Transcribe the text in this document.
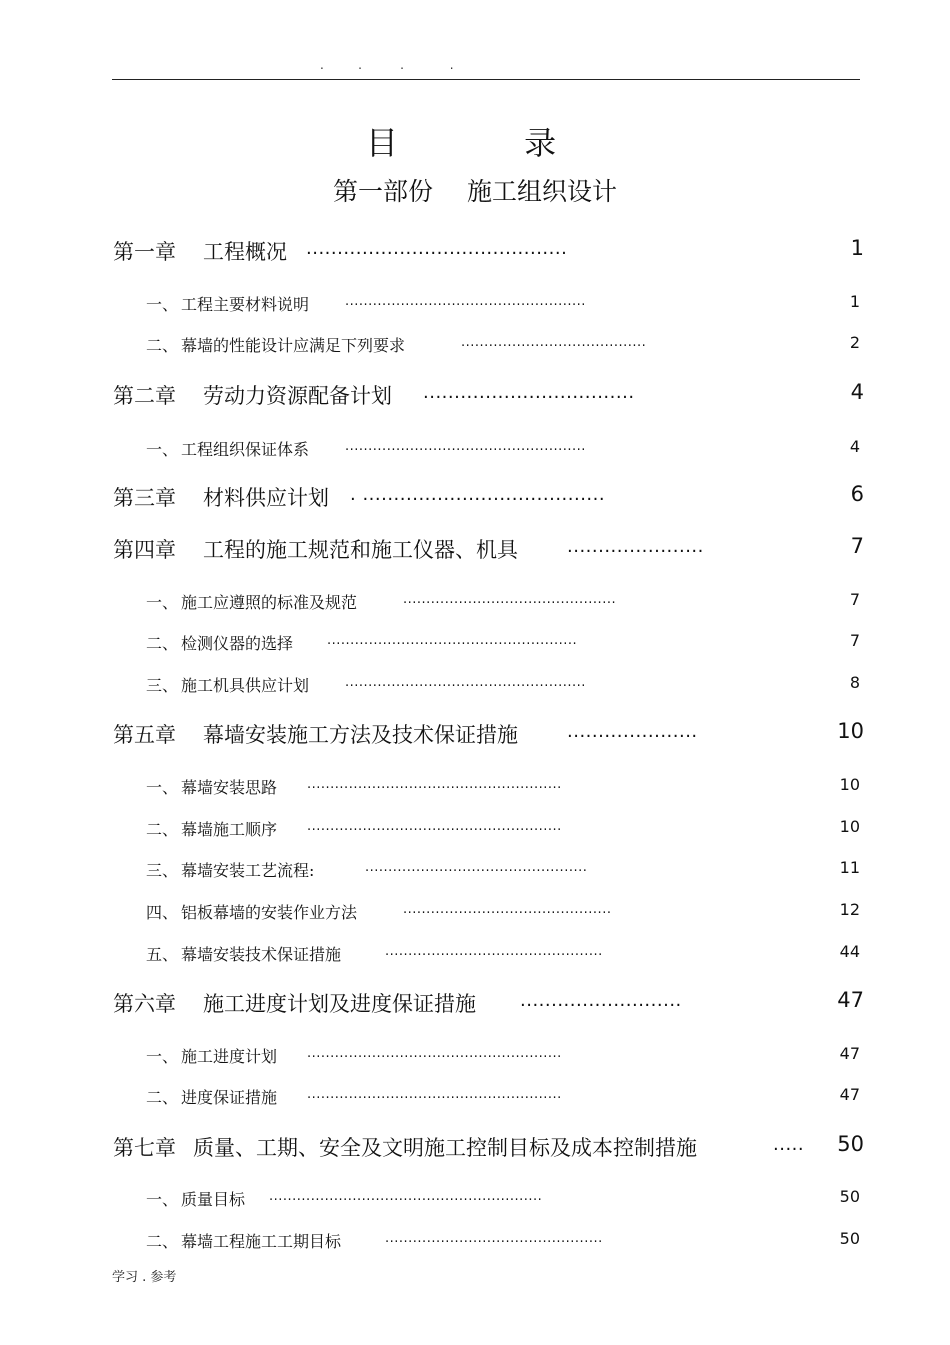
.         .          .            .
目 录
第一部份 施工组织设计
第一章 工程概况 ..........................................	1
一、 工程主要材料说明	....................................................	1
二、 幕墙的性能设计应满足下列要求	........................................	2
第二章 劳动力资源配备计划 ..................................	4
一、 工程组织保证体系	....................................................	4
第三章 材料供应计划 . .......................................	6
第四章 工程的施工规范和施工仪器、机具	......................	7
一、 施工应遵照的标准及规范	..............................................	7
二、 检测仪器的选择	......................................................	7
三、 施工机具供应计划	....................................................	8
第五章 幕墙安装施工方法及技术保证措施	.....................	10
一、 幕墙安装思路 .......................................................	10
二、 幕墙施工顺序 .......................................................	10
三、 幕墙安装工艺流程:	................................................	11
四、 铝板幕墙的安装作业方法	.............................................	12
五、 幕墙安装技术保证措施	...............................................	44
第六章 施工进度计划及进度保证措施 ..........................	47
一、 施工进度计划 .......................................................	47
二、 进度保证措施 .......................................................	47
第七章 质量、工期、安全及文明施工控制目标及成本控制措施	..... 50
一、 质量目标 ...........................................................	50
二、 幕墙工程施工工期目标	...............................................	50
学习 . 参考
